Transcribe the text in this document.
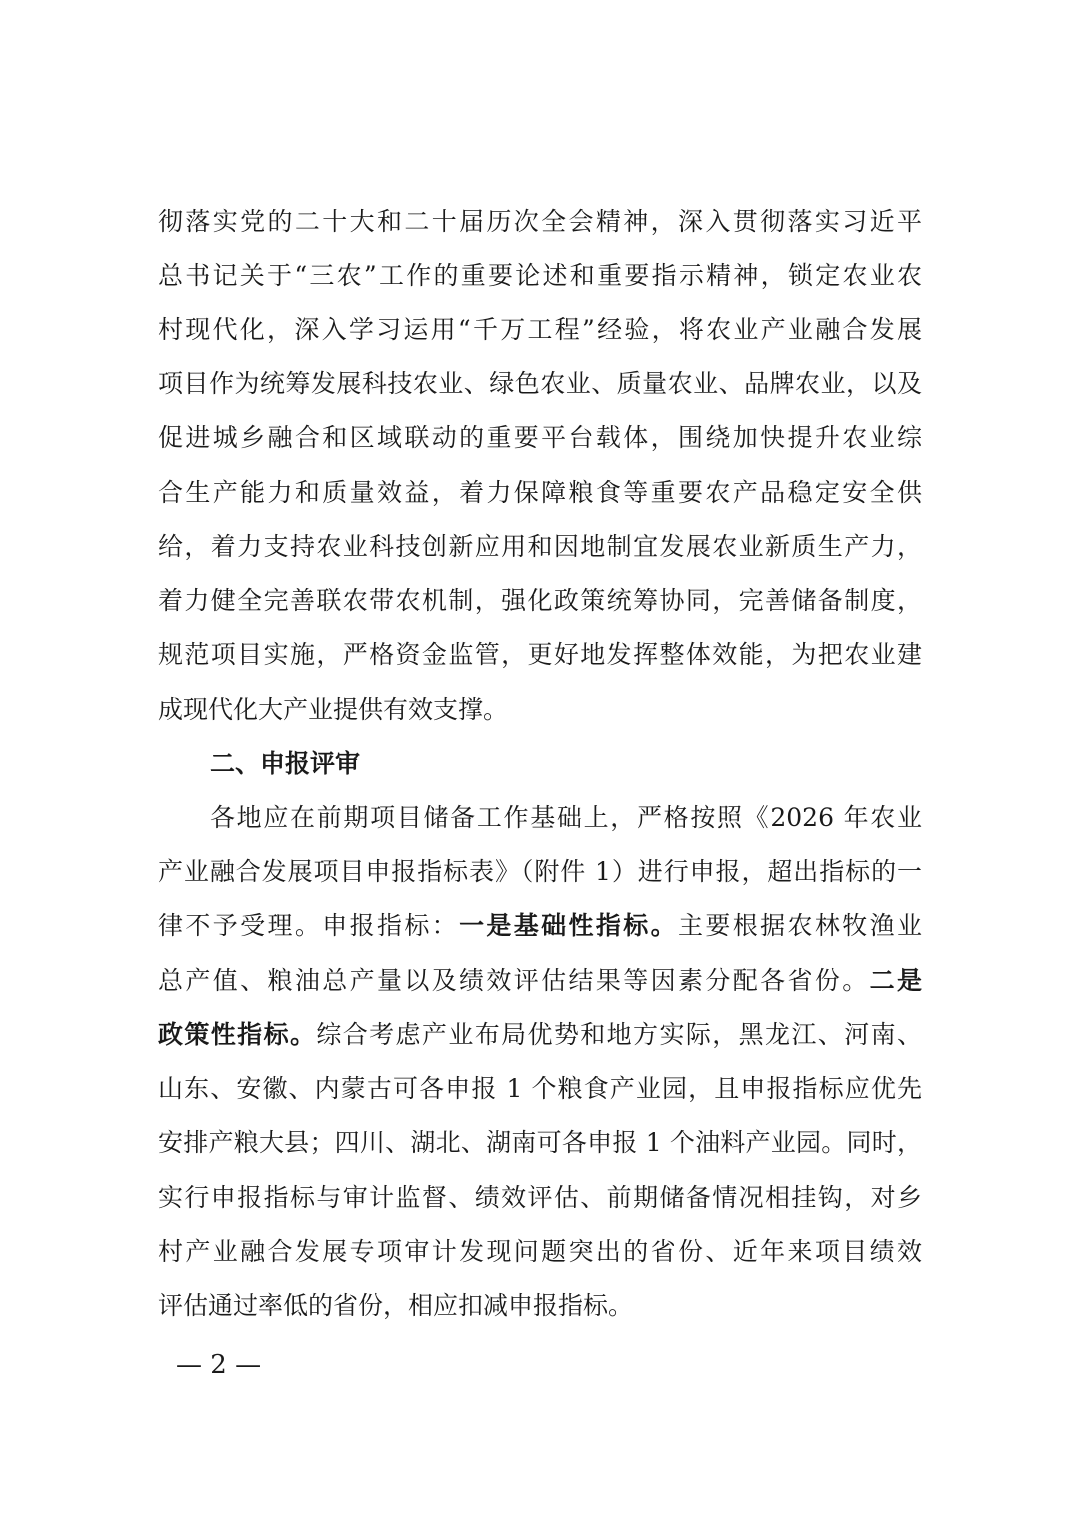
彻落实党的二十大和二十届历次全会精神，深入贯彻落实习近平
总书记关于“三农”工作的重要论述和重要指示精神，锁定农业农
村现代化，深入学习运用“千万工程”经验，将农业产业融合发展
项目作为统筹发展科技农业、绿色农业、质量农业、品牌农业，以及
促进城乡融合和区域联动的重要平台载体，围绕加快提升农业综
合生产能力和质量效益，着力保障粮食等重要农产品稳定安全供
给，着力支持农业科技创新应用和因地制宜发展农业新质生产力，
着力健全完善联农带农机制，强化政策统筹协同，完善储备制度，
规范项目实施，严格资金监管，更好地发挥整体效能，为把农业建
成现代化大产业提供有效支撑。
二、申报评审
各地应在前期项目储备工作基础上，严格按照《2026 年农业
产业融合发展项目申报指标表》（附件 1）进行申报，超出指标的一
律不予受理。申报指标：一是基础性指标。主要根据农林牧渔业
总产值、粮油总产量以及绩效评估结果等因素分配各省份。二是
政策性指标。综合考虑产业布局优势和地方实际，黑龙江、河南、
山东、安徽、内蒙古可各申报 1 个粮食产业园，且申报指标应优先
安排产粮大县；四川、湖北、湖南可各申报 1 个油料产业园。同时，
实行申报指标与审计监督、绩效评估、前期储备情况相挂钩，对乡
村产业融合发展专项审计发现问题突出的省份、近年来项目绩效
评估通过率低的省份，相应扣减申报指标。
— 2 —
